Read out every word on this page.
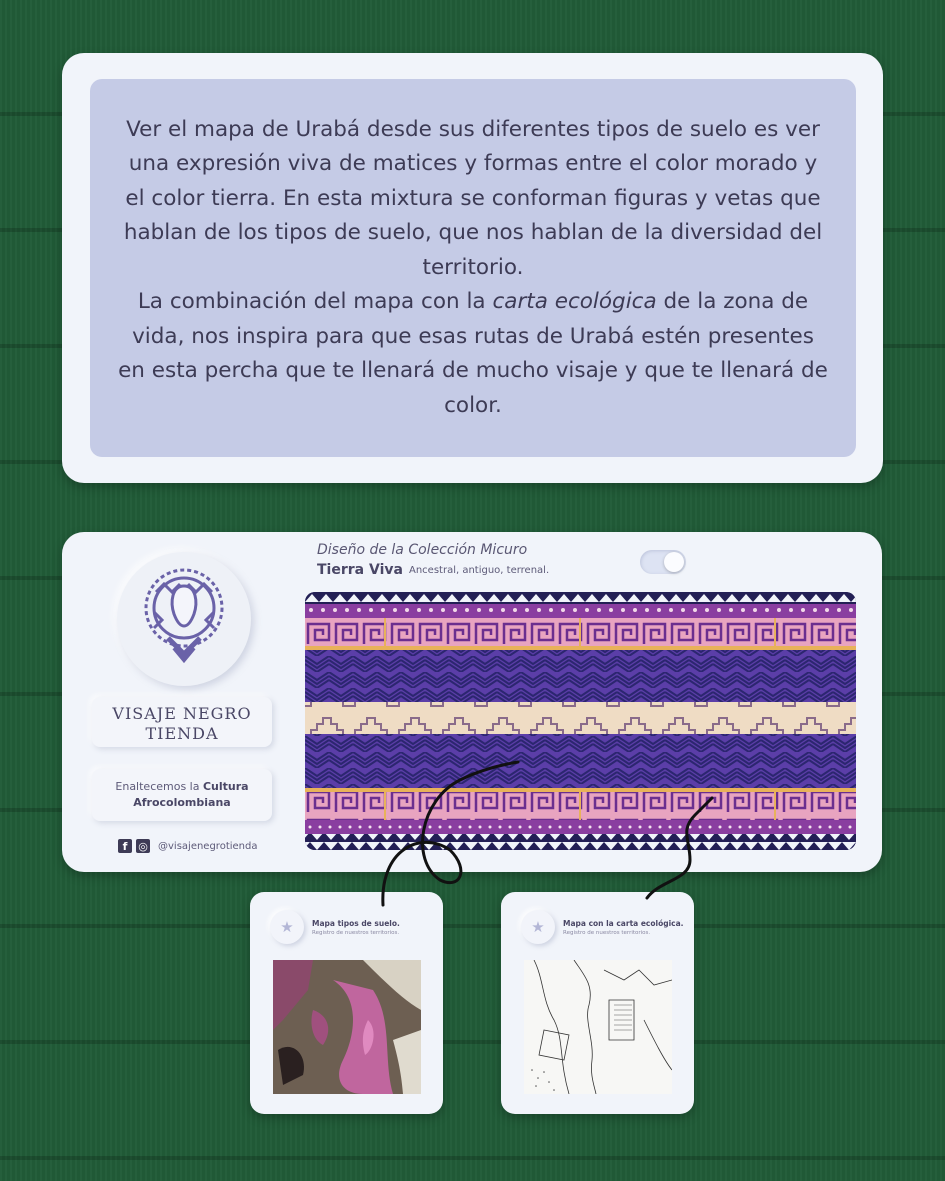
Ver el mapa de Urabá desde sus diferentes tipos de suelo es ver una expresión viva de matices y formas entre el color morado y el color tierra. En esta mixtura se conforman figuras y vetas que hablan de los tipos de suelo, que nos hablan de la diversidad del territorio.

La combinación del mapa con la carta ecológica de la zona de vida, nos inspira para que esas rutas de Urabá estén presentes en esta percha que te llenará de mucho visaje y que te llenará de color.

VISAJE NEGRO
TIENDA
Enaltecemos la Cultura Afrocolombiana
f ◎ @visajenegrotienda
Diseño de la Colección Micuro
Tierra Viva Ancestral, antiguo, terrenal.
★	Mapa tipos de suelo.
Registro de nuestros territorios.	★	Mapa con la carta ecológica.
Registro de nuestros territorios.
